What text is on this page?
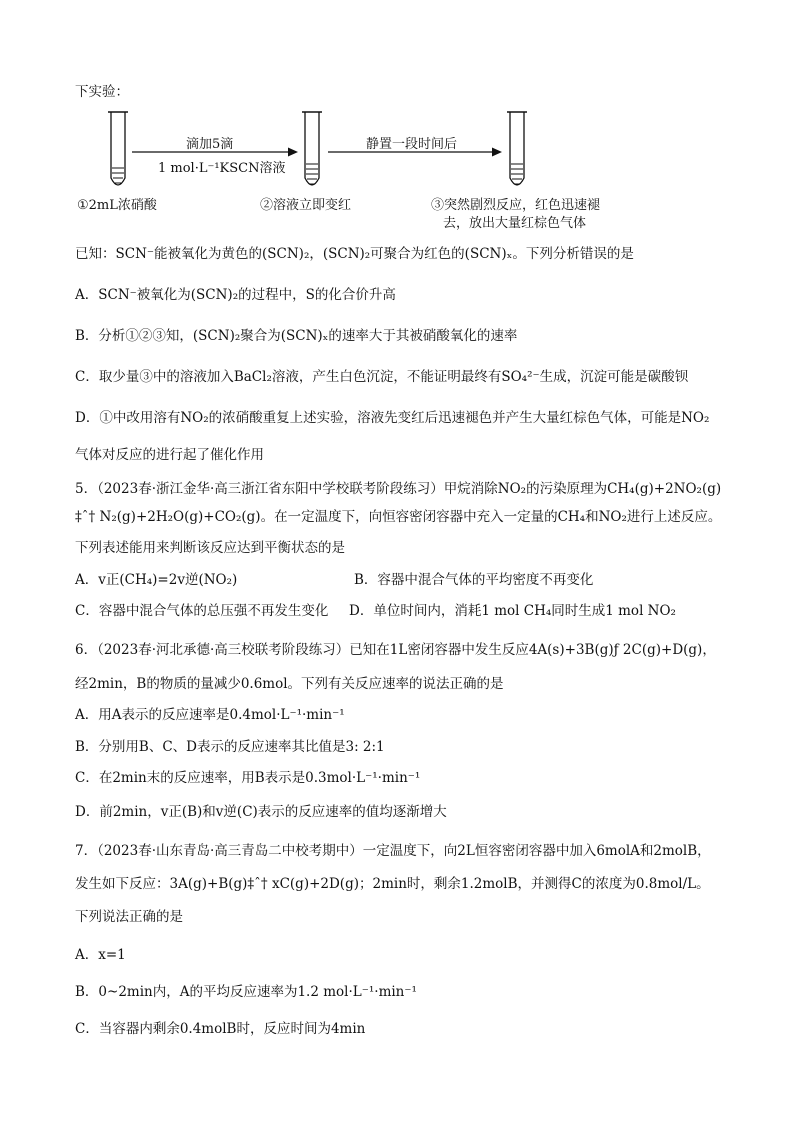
下实验：
滴加5滴
1 mol·L⁻¹KSCN溶液
静置一段时间后
①2mL浓硝酸	②溶液立即变红	③突然剧烈反应，红色迅速褪
去，放出大量红棕色气体
已知：SCN⁻能被氧化为黄色的(SCN)₂，(SCN)₂可聚合为红色的(SCN)ₓ。下列分析错误的是
A．SCN⁻被氧化为(SCN)₂的过程中，S的化合价升高
B．分析①②③知，(SCN)₂聚合为(SCN)ₓ的速率大于其被硝酸氧化的速率
C．取少量③中的溶液加入BaCl₂溶液，产生白色沉淀，不能证明最终有SO₄²⁻生成，沉淀可能是碳酸钡
D．①中改用溶有NO₂的浓硝酸重复上述实验，溶液先变红后迅速褪色并产生大量红棕色气体，可能是NO₂
气体对反应的进行起了催化作用
5．（2023春·浙江金华·高三浙江省东阳中学校联考阶段练习）甲烷消除NO₂的污染原理为CH₄(g)+2NO₂(g)
‡ˆ† N₂(g)+2H₂O(g)+CO₂(g)。在一定温度下，向恒容密闭容器中充入一定量的CH₄和NO₂进行上述反应。
下列表述能用来判断该反应达到平衡状态的是
A．v正(CH₄)=2v逆(NO₂)	B．容器中混合气体的平均密度不再变化
C．容器中混合气体的总压强不再发生变化 D．单位时间内，消耗1 mol CH₄同时生成1 mol NO₂
6．（2023春·河北承德·高三校联考阶段练习）已知在1L密闭容器中发生反应4A(s)+3B(g)ƒ 2C(g)+D(g)，
经2min，B的物质的量减少0.6mol。下列有关反应速率的说法正确的是
A．用A表示的反应速率是0.4mol·L⁻¹·min⁻¹
B．分别用B、C、D表示的反应速率其比值是3: 2:1
C．在2min末的反应速率，用B表示是0.3mol·L⁻¹·min⁻¹
D．前2min，v正(B)和v逆(C)表示的反应速率的值均逐渐增大
7．（2023春·山东青岛·高三青岛二中校考期中）一定温度下，向2L恒容密闭容器中加入6molA和2molB，
发生如下反应：3A(g)+B(g)‡ˆ† xC(g)+2D(g)；2min时，剩余1.2molB，并测得C的浓度为0.8mol/L。
下列说法正确的是
A．x=1
B．0~2min内，A的平均反应速率为1.2 mol·L⁻¹·min⁻¹
C．当容器内剩余0.4molB时，反应时间为4min
